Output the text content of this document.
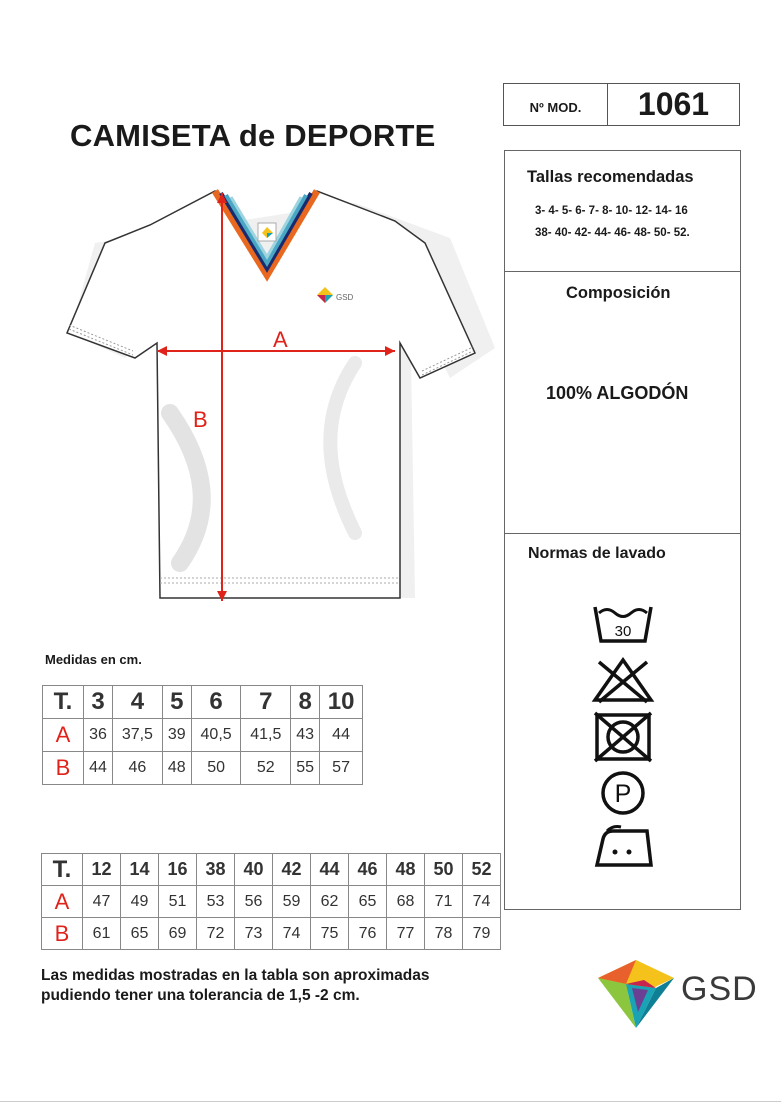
CAMISETA de DEPORTE
Nº MOD.	1061
GSD
A
B
Tallas recomendadas
3- 4- 5- 6- 7- 8- 10- 12- 14- 16
38- 40- 42- 44- 46- 48- 50- 52.
Composición
100% ALGODÓN
Normas de lavado
30
P
Medidas en cm.
T.	3	4	5	6	7	8	10
A	36	37,5	39	40,5	41,5	43	44
B	44	46	48	50	52	55	57
T.	12	14	16	38	40	42	44	46	48	50	52
A	47	49	51	53	56	59	62	65	68	71	74
B	61	65	69	72	73	74	75	76	77	78	79
Las medidas mostradas en la tabla son aproximadas pudiendo tener una tolerancia de 1,5 -2 cm.	GSD
